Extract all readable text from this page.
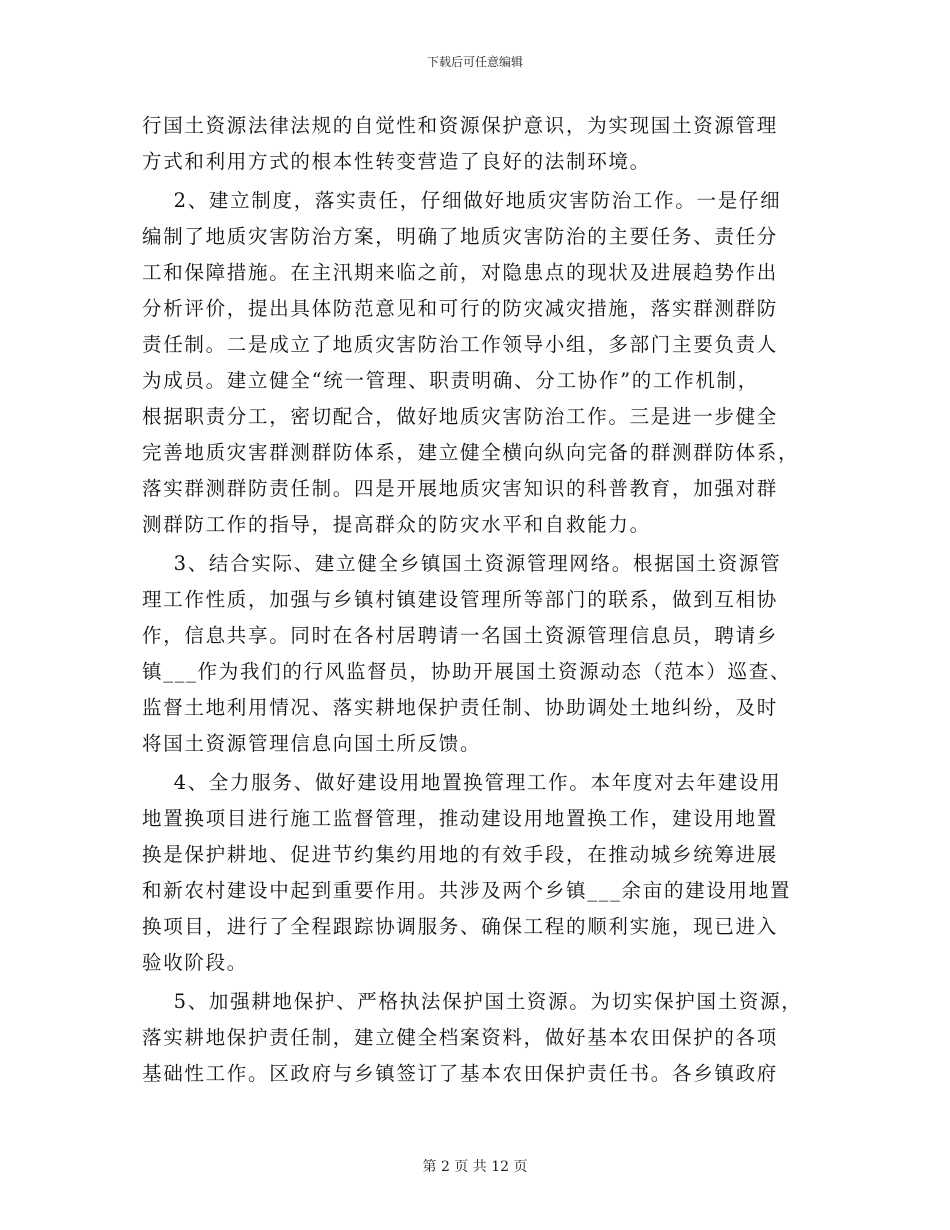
下载后可任意编辑
行国土资源法律法规的自觉性和资源保护意识，为实现国土资源管理
方式和利用方式的根本性转变营造了良好的法制环境。
2、建立制度，落实责任，仔细做好地质灾害防治工作。一是仔细
编制了地质灾害防治方案，明确了地质灾害防治的主要任务、责任分
工和保障措施。在主汛期来临之前，对隐患点的现状及进展趋势作出
分析评价，提出具体防范意见和可行的防灾减灾措施，落实群测群防
责任制。二是成立了地质灾害防治工作领导小组，多部门主要负责人
为成员。建立健全“统一管理、职责明确、分工协作”的工作机制，
根据职责分工，密切配合，做好地质灾害防治工作。三是进一步健全
完善地质灾害群测群防体系，建立健全横向纵向完备的群测群防体系，
落实群测群防责任制。四是开展地质灾害知识的科普教育，加强对群
测群防工作的指导，提高群众的防灾水平和自救能力。
3、结合实际、建立健全乡镇国土资源管理网络。根据国土资源管
理工作性质，加强与乡镇村镇建设管理所等部门的联系，做到互相协
作，信息共享。同时在各村居聘请一名国土资源管理信息员，聘请乡
镇___作为我们的行风监督员，协助开展国土资源动态（范本）巡查、
监督土地利用情况、落实耕地保护责任制、协助调处土地纠纷，及时
将国土资源管理信息向国土所反馈。
4、全力服务、做好建设用地置换管理工作。本年度对去年建设用
地置换项目进行施工监督管理，推动建设用地置换工作，建设用地置
换是保护耕地、促进节约集约用地的有效手段，在推动城乡统筹进展
和新农村建设中起到重要作用。共涉及两个乡镇___余亩的建设用地置
换项目，进行了全程跟踪协调服务、确保工程的顺利实施，现已进入
验收阶段。
5、加强耕地保护、严格执法保护国土资源。为切实保护国土资源，
落实耕地保护责任制，建立健全档案资料，做好基本农田保护的各项
基础性工作。区政府与乡镇签订了基本农田保护责任书。各乡镇政府
第 2 页 共 12 页
